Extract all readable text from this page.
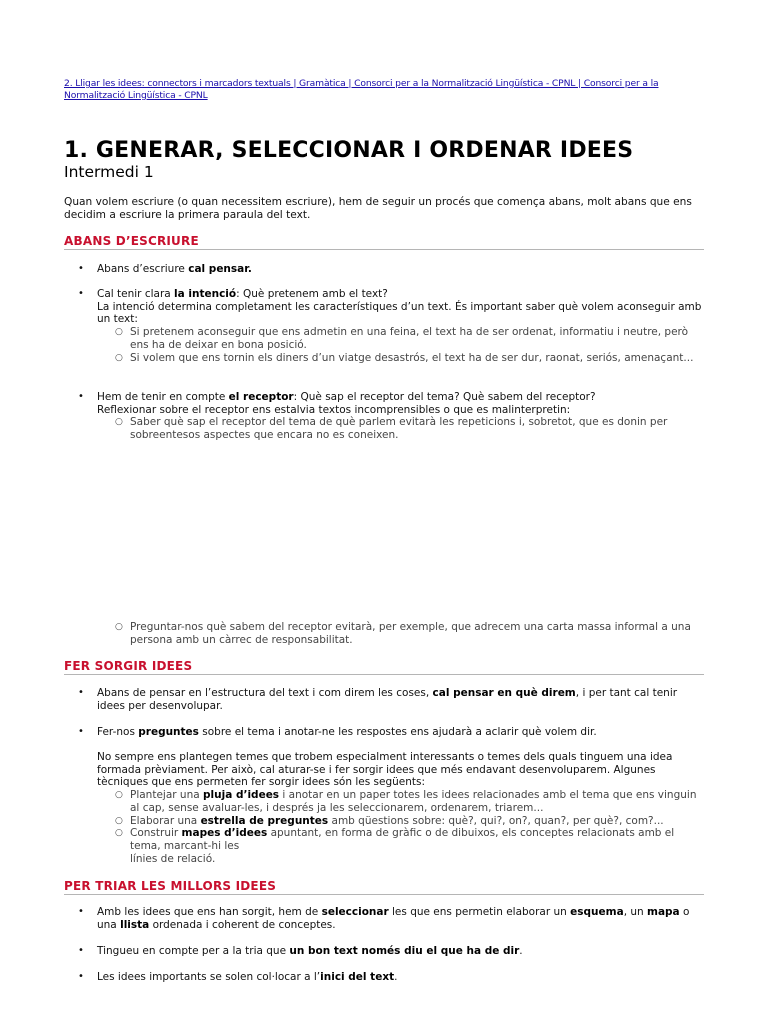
2. Lligar les idees: connectors i marcadors textuals | Gramàtica | Consorci per a la Normalització Lingüística - CPNL | Consorci per a la Normalització Lingüística - CPNL
1. GENERAR, SELECCIONAR I ORDENAR IDEES
Intermedi 1
Quan volem escriure (o quan necessitem escriure), hem de seguir un procés que comença abans, molt abans que ens decidim a escriure la primera paraula del text.
ABANS D’ESCRIURE
• Abans d’escriure cal pensar.
• Cal tenir clara la intenció: Què pretenem amb el text?
La intenció determina completament les característiques d’un text. És important saber què volem aconseguir amb un text:
○ Si pretenem aconseguir que ens admetin en una feina, el text ha de ser ordenat, informatiu i neutre, però ens ha de deixar en bona posició.
○ Si volem que ens tornin els diners d’un viatge desastrós, el text ha de ser dur, raonat, seriós, amenaçant...
• Hem de tenir en compte el receptor: Què sap el receptor del tema? Què sabem del receptor?
Reflexionar sobre el receptor ens estalvia textos incomprensibles o que es malinterpretin:
○ Saber què sap el receptor del tema de què parlem evitarà les repeticions i, sobretot, que es donin per sobreentesos aspectes que encara no es coneixen.
○ Preguntar-nos què sabem del receptor evitarà, per exemple, que adrecem una carta massa informal a una persona amb un càrrec de responsabilitat.
FER SORGIR IDEES
• Abans de pensar en l’estructura del text i com direm les coses, cal pensar en què direm, i per tant cal tenir idees per desenvolupar.
• Fer-nos preguntes sobre el tema i anotar-ne les respostes ens ajudarà a aclarir què volem dir.
No sempre ens plantegen temes que trobem especialment interessants o temes dels quals tinguem una idea formada prèviament. Per això, cal aturar-se i fer sorgir idees que més endavant desenvoluparem. Algunes tècniques que ens permeten fer sorgir idees són les següents:
○ Plantejar una pluja d’idees i anotar en un paper totes les idees relacionades amb el tema que ens vinguin al cap, sense avaluar-les, i després ja les seleccionarem, ordenarem, triarem...
○ Elaborar una estrella de preguntes amb qüestions sobre: què?, qui?, on?, quan?, per què?, com?...
○ Construir mapes d’idees apuntant, en forma de gràfic o de dibuixos, els conceptes relacionats amb el tema, marcant-hi les
línies de relació.
PER TRIAR LES MILLORS IDEES
• Amb les idees que ens han sorgit, hem de seleccionar les que ens permetin elaborar un esquema, un mapa o una llista ordenada i coherent de conceptes.
• Tingueu en compte per a la tria que un bon text només diu el que ha de dir.
• Les idees importants se solen col·locar a l’inici del text.
